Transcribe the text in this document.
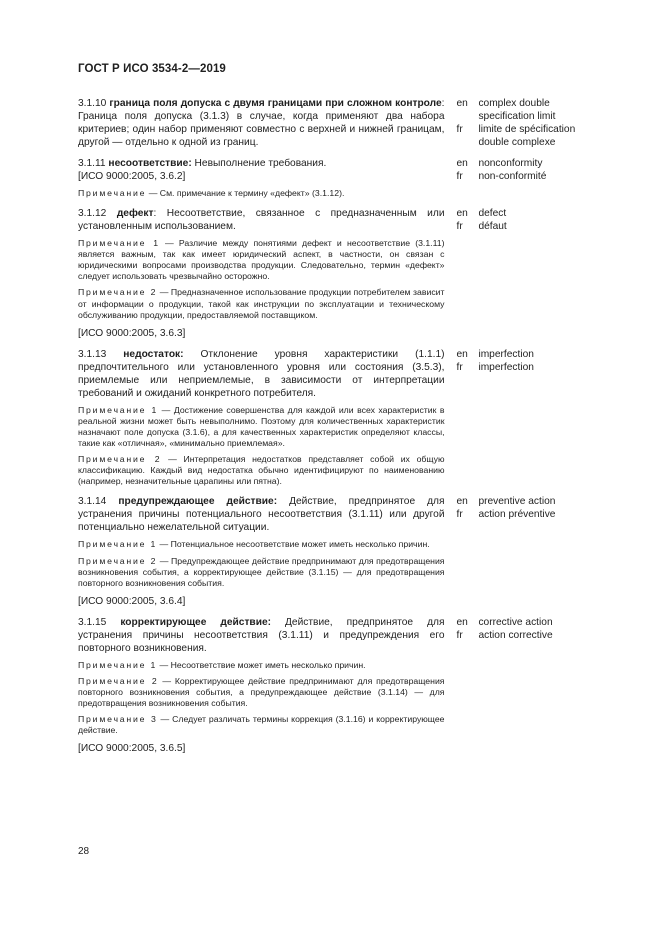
ГОСТ Р ИСО 3534-2—2019

3.1.10 граница поля допуска с двумя границами при сложном контроле: Граница поля допуска (3.1.3) в случае, когда применяют два набора критериев; один набор применяют совместно с верхней и нижней границам, другой — отдельно к одной из границ.

en

fr
complex double specification limit
limite de spécification double complexe

3.1.11 несоответствие: Невыполнение требования.
[ИСО 9000:2005, 3.6.2]

Примечание — См. примечание к термину «дефект» (3.1.12).

en
fr
nonconformity
non-conformité

3.1.12 дефект: Несоответствие, связанное с предназначенным или установленным использованием.

Примечание 1 — Различие между понятиями дефект и несоответствие (3.1.11) является важным, так как имеет юридический аспект, в частности, он связан с юридическими вопросами производства продукции. Следовательно, термин «дефект» следует использовать чрезвычайно осторожно.

Примечание 2 — Предназначенное использование продукции потребителем зависит от информации о продукции, такой как инструкции по эксплуатации и техническому обслуживанию продукции, предоставляемой поставщиком.

[ИСО 9000:2005, 3.6.3]

en
fr
defect
défaut

3.1.13 недостаток: Отклонение уровня характеристики (1.1.1) предпочтительного или установленного уровня или состояния (3.5.3), приемлемые или неприемлемые, в зависимости от интерпретации требований и ожиданий конкретного потребителя.

Примечание 1 — Достижение совершенства для каждой или всех характеристик в реальной жизни может быть невыполнимо. Поэтому для количественных характеристик назначают поле допуска (3.1.6), а для качественных характеристик определяют классы, такие как «отличная», «минимально приемлемая».

Примечание 2 — Интерпретация недостатков представляет собой их общую классификацию. Каждый вид недостатка обычно идентифицируют по наименованию (например, незначительные царапины или пятна).

en
fr
imperfection
imperfection

3.1.14 предупреждающее действие: Действие, предпринятое для устранения причины потенциального несоответствия (3.1.11) или другой потенциально нежелательной ситуации.

Примечание 1 — Потенциальное несоответствие может иметь несколько причин.

Примечание 2 — Предупреждающее действие предпринимают для предотвращения возникновения события, а корректирующее действие (3.1.15) — для предотвращения повторного возникновения события.

[ИСО 9000:2005, 3.6.4]

en
fr
preventive action
action préventive

3.1.15 корректирующее действие: Действие, предпринятое для устранения причины несоответствия (3.1.11) и предупреждения его повторного возникновения.

Примечание 1 — Несоответствие может иметь несколько причин.

Примечание 2 — Корректирующее действие предпринимают для предотвращения повторного возникновения события, а предупреждающее действие (3.1.14) — для предотвращения возникновения события.

Примечание 3 — Следует различать термины коррекция (3.1.16) и корректирующее действие.

[ИСО 9000:2005, 3.6.5]

en
fr
corrective action
action corrective
28
